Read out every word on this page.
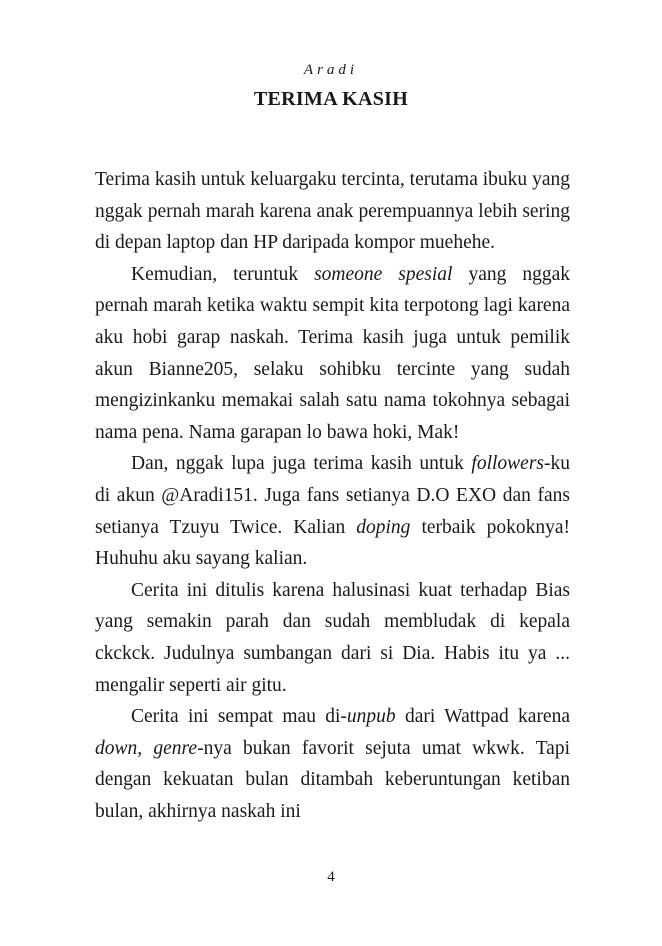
Aradi
TERIMA KASIH

Terima kasih untuk keluargaku tercinta, terutama ibuku yang nggak pernah marah karena anak perempuannya lebih sering di depan laptop dan HP daripada kompor muehehe.

Kemudian, teruntuk someone spesial yang nggak pernah marah ketika waktu sempit kita terpotong lagi karena aku hobi garap naskah. Terima kasih juga untuk pemilik akun Bianne205, selaku sohibku tercinte yang sudah mengizinkanku memakai salah satu nama tokohnya sebagai nama pena. Nama garapan lo bawa hoki, Mak!

Dan, nggak lupa juga terima kasih untuk followers-ku di akun @Aradi151. Juga fans setianya D.O EXO dan fans setianya Tzuyu Twice. Kalian doping terbaik pokoknya! Huhuhu aku sayang kalian.

Cerita ini ditulis karena halusinasi kuat terhadap Bias yang semakin parah dan sudah membludak di kepala ckckck. Judulnya sumbangan dari si Dia. Habis itu ya ... mengalir seperti air gitu.

Cerita ini sempat mau di-unpub dari Wattpad karena down, genre-nya bukan favorit sejuta umat wkwk. Tapi dengan kekuatan bulan ditambah keberuntungan ketiban bulan, akhirnya naskah ini

4
